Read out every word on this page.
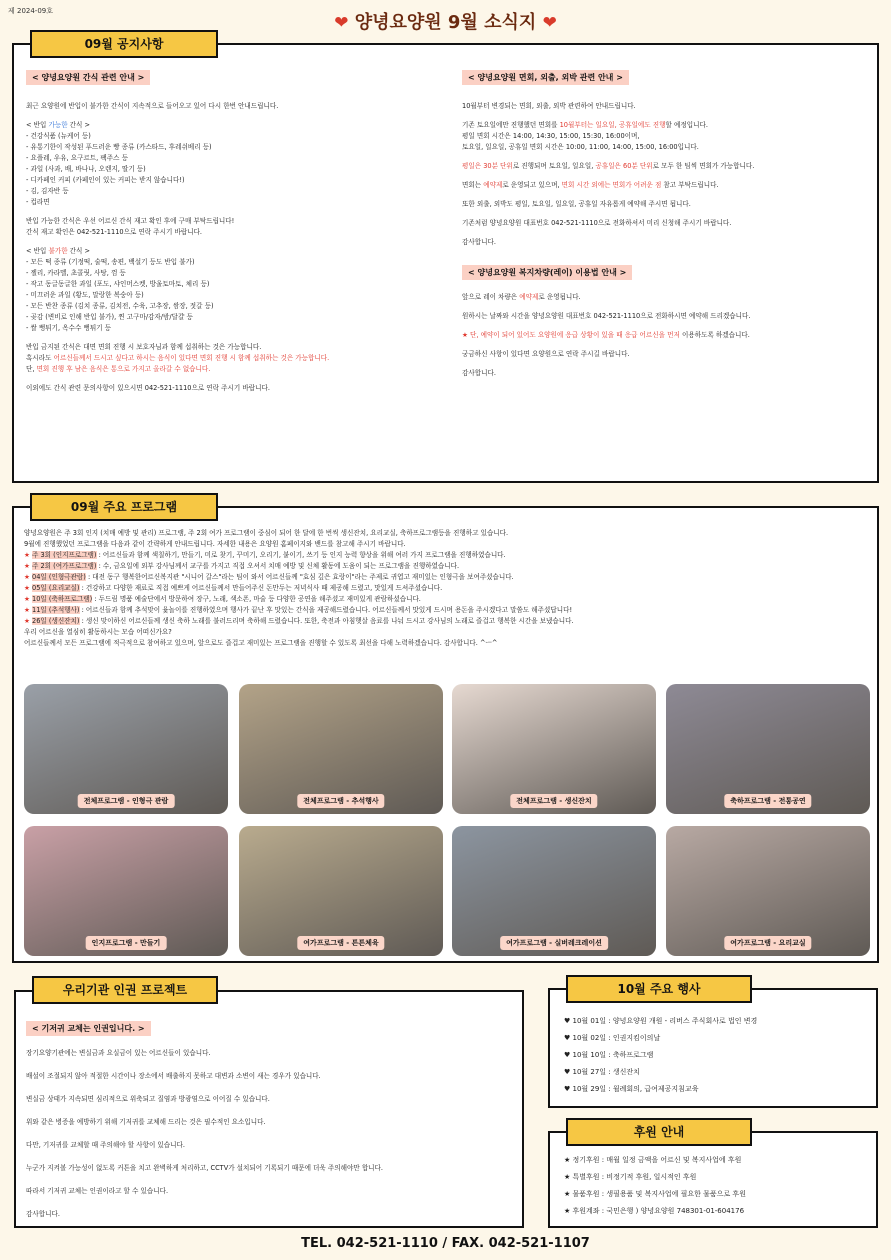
제 2024-09호
❤ 양녕요양원 9월 소식지 ❤
09월 공지사항
< 양녕요양원 간식 관련 안내 >

최근 요양원에 반입이 불가한 간식이 지속적으로 들어오고 있어 다시 한번 안내드립니다.

< 반입 가능한 간식 >

- 건강식품 (뉴케어 등)

- 유통기한이 작성된 푸드러운 빵 종류 (카스타드, 후레쉬베리 등)

- 요플레, 우유, 요구르트, 팩주스 등

- 과일 (사과, 배, 바나나, 오렌지, 딸기 등)

- 디카페인 커피 (카페인이 있는 커피는 받지 않습니다!)

- 김, 김자반 등

- 컵라면

반입 가능한 간식은 우선 어르신 간식 재고 확인 후에 구매 부탁드립니다!

간식 재고 확인은 042-521-1110으로 연락 주시기 바랍니다.

< 반입 불가한 간식 >

- 모든 떡 종류 (기정떡, 술떡, 송편, 백설기 등도 반입 불가)

- 젤리, 카라멜, 초콜릿, 사탕, 껌 등

- 작고 동글동글한 과일 (포도, 샤인머스켓, 방울토마토, 체리 등)

- 미끄러운 과일 (황도, 말랑한 복숭아 등)

- 모든 반찬 종류 (김치 종류, 김치전, 수육, 고추장, 쌈장, 젓갈 등)

- 곶감 (변비로 인해 반입 불가), 찐 고구마/감자/밤/달걀 등

- 쌀 뻥튀기, 옥수수 뻥튀기 등

반입 금지된 간식은 대면 면회 진행 시 보호자님과 함께 섭취하는 것은 가능합니다.

혹시라도 어르신들께서 드시고 싶다고 하시는 음식이 있다면 면회 진행 시 함께 섭취하는 것은 가능합니다.

단, 면회 진행 후 남은 음식은 통으로 가지고 올라갈 수 없습니다.

이외에도 간식 관련 문의사항이 있으시면 042-521-1110으로 연락 주시기 바랍니다.

< 양녕요양원 면회, 외출, 외박 관련 안내 >

10월부터 변경되는 면회, 외출, 외박 관련하여 안내드립니다.

기존 토요일에만 진행했던 면회를 10월부터는 일요일, 공휴일에도 진행할 예정입니다.

평일 면회 시간은 14:00, 14:30, 15:00, 15:30, 16:00이며,

토요일, 일요일, 공휴일 면회 시간은 10:00, 11:00, 14:00, 15:00, 16:00입니다.

평일은 30분 단위로 진행되며 토요일, 일요일, 공휴일은 60분 단위로 모두 한 팀씩 면회가 가능합니다.

면회는 예약제로 운영되고 있으며, 면회 시간 외에는 면회가 어려운 점 참고 부탁드립니다.

또한 외출, 외박도 평일, 토요일, 일요일, 공휴일 자유롭게 예약해 주시면 됩니다.

기존처럼 양녕요양원 대표번호 042-521-1110으로 전화하셔서 미리 신청해 주시기 바랍니다.

감사합니다.

< 양녕요양원 복지차량(레이) 이용법 안내 >

앞으로 레이 차량은 예약제로 운영됩니다.

원하시는 날짜와 시간을 양녕요양원 대표번호 042-521-1110으로 전화하시면 예약해 드리겠습니다.

★ 단, 예약이 되어 있어도 요양원에 응급 상황이 있을 때 응급 어르신을 먼저 이용하도록 하겠습니다.

궁금하신 사항이 있다면 요양원으로 연락 주시길 바랍니다.

감사합니다.

09월 주요 프로그램

양녕요양원은 주 3회 인지 (치매 예방 및 관리) 프로그램, 주 2회 여가 프로그램이 중심이 되어 한 달에 한 번씩 생신잔치, 요리교실, 축하프로그램등을 진행하고 있습니다.

9월에 진행했었던 프로그램을 다음과 같이 간략하게 안내드립니다. 자세한 내용은 요양원 홈페이지와 밴드를 참고해 주시기 바랍니다.

★ 주 3회 (인지프로그램) : 어르신들과 함께 색칠하기, 만들기, 미로 찾기, 꾸미기, 오리기, 붙이기, 쓰기 등 인지 능력 향상을 위해 여러 가지 프로그램을 진행하였습니다.

★ 주 2회 (여가프로그램) : 수, 금요일에 외부 강사님께서 교구를 가지고 직접 오셔서 치매 예방 및 신체 활동에 도움이 되는 프로그램을 진행하였습니다.

★ 04일 (인형극관람) : 대전 동구 행복한어르신복지관 "시니어 갈스"라는 팀이 와서 어르신들께 "효심 깊은 효랑이"라는 주제로 귀엽고 재미있는 인형극을 보여주셨습니다.

★ 05일 (요리교실) : 건강하고 다양한 재료로 직접 예쁘게 어르신들께서 만들어주신 돈만두는 저녁식사 때 제공해 드렸고, 맛있게 드셔주셨습니다.

★ 10일 (축하프로그램) : 두드림 명품 예술단에서 방문하여 장구, 노래, 색소폰, 마술 등 다양한 공연을 해주셨고 재미있게 관람하셨습니다.

★ 11일 (추석행사) : 어르신들과 함께 추석맞이 윷놀이를 진행하였으며 행사가 끝난 후 맛있는 간식을 제공해드렸습니다. 어르신들께서 맛있게 드시며 용돈을 주시겠다고 말씀도 해주셨답니다!

★ 26일 (생신잔치) : 생신 맞이하신 어르신들께 생신 축하 노래를 불러드리며 축하해 드렸습니다. 또한, 축전과 아침햇살 음료를 나눠 드시고 강사님의 노래로 즐겁고 행복한 시간을 보냈습니다.

우리 어르신을 열심히 활동하시는 모습 어떠신가요?

어르신들께서 모든 프로그램에 적극적으로 참여하고 있으며, 앞으로도 즐겁고 재미있는 프로그램을 진행할 수 있도록 최선을 다해 노력하겠습니다. 감사합니다. ^ㅡ^

전체프로그램 - 인형극 관람	전체프로그램 - 추석행사	전체프로그램 - 생신잔치	축하프로그램 - 전통공연
인지프로그램 - 만들기	여가프로그램 - 튼튼체육	여가프로그램 - 실버레크레이션	여가프로그램 - 요리교실
우리기관 인권 프로젝트
< 기저귀 교체는 인권입니다. >

장기요양기관에는 변실금과 요실금이 있는 어르신들이 있습니다.

배설이 조절되지 않아 적절한 시간이나 장소에서 배출하지 못하고 대변과 소변이 새는 경우가 있습니다.

변실금 상태가 지속되면 심리적으로 위축되고 질염과 방광염으로 이어질 수 있습니다.

위와 같은 병증을 예방하기 위해 기저귀를 교체해 드리는 것은 필수적인 요소입니다.

다만, 기저귀를 교체할 때 주의해야 할 사항이 있습니다.

누군가 지켜볼 가능성이 없도록 커튼을 치고 완벽하게 처리하고, CCTV가 설치되어 기록되기 때문에 더욱 주의해야만 합니다.

따라서 기저귀 교체는 인권이라고 할 수 있습니다.

감사합니다.

10월 주요 행사

♥ 10월 01일 : 양녕요양원 개원 - 리버스 주식회사로 법인 변경

♥ 10월 02일 : 인권지킴이의날

♥ 10월 10일 : 축하프로그램

♥ 10월 27일 : 생신잔치

♥ 10월 29일 : 월례회의, 급여제공지침교육

후원 안내

★ 정기후원 : 매월 일정 금액을 어르신 및 복지사업에 후원

★ 특별후원 : 비정기적 후원, 일시적인 후원

★ 물품후원 : 생필용품 및 복지사업에 필요한 물품으로 후원

★ 후원계좌 : 국민은행 ) 양녕요양원 748301-01-604176

TEL. 042-521-1110 / FAX. 042-521-1107
